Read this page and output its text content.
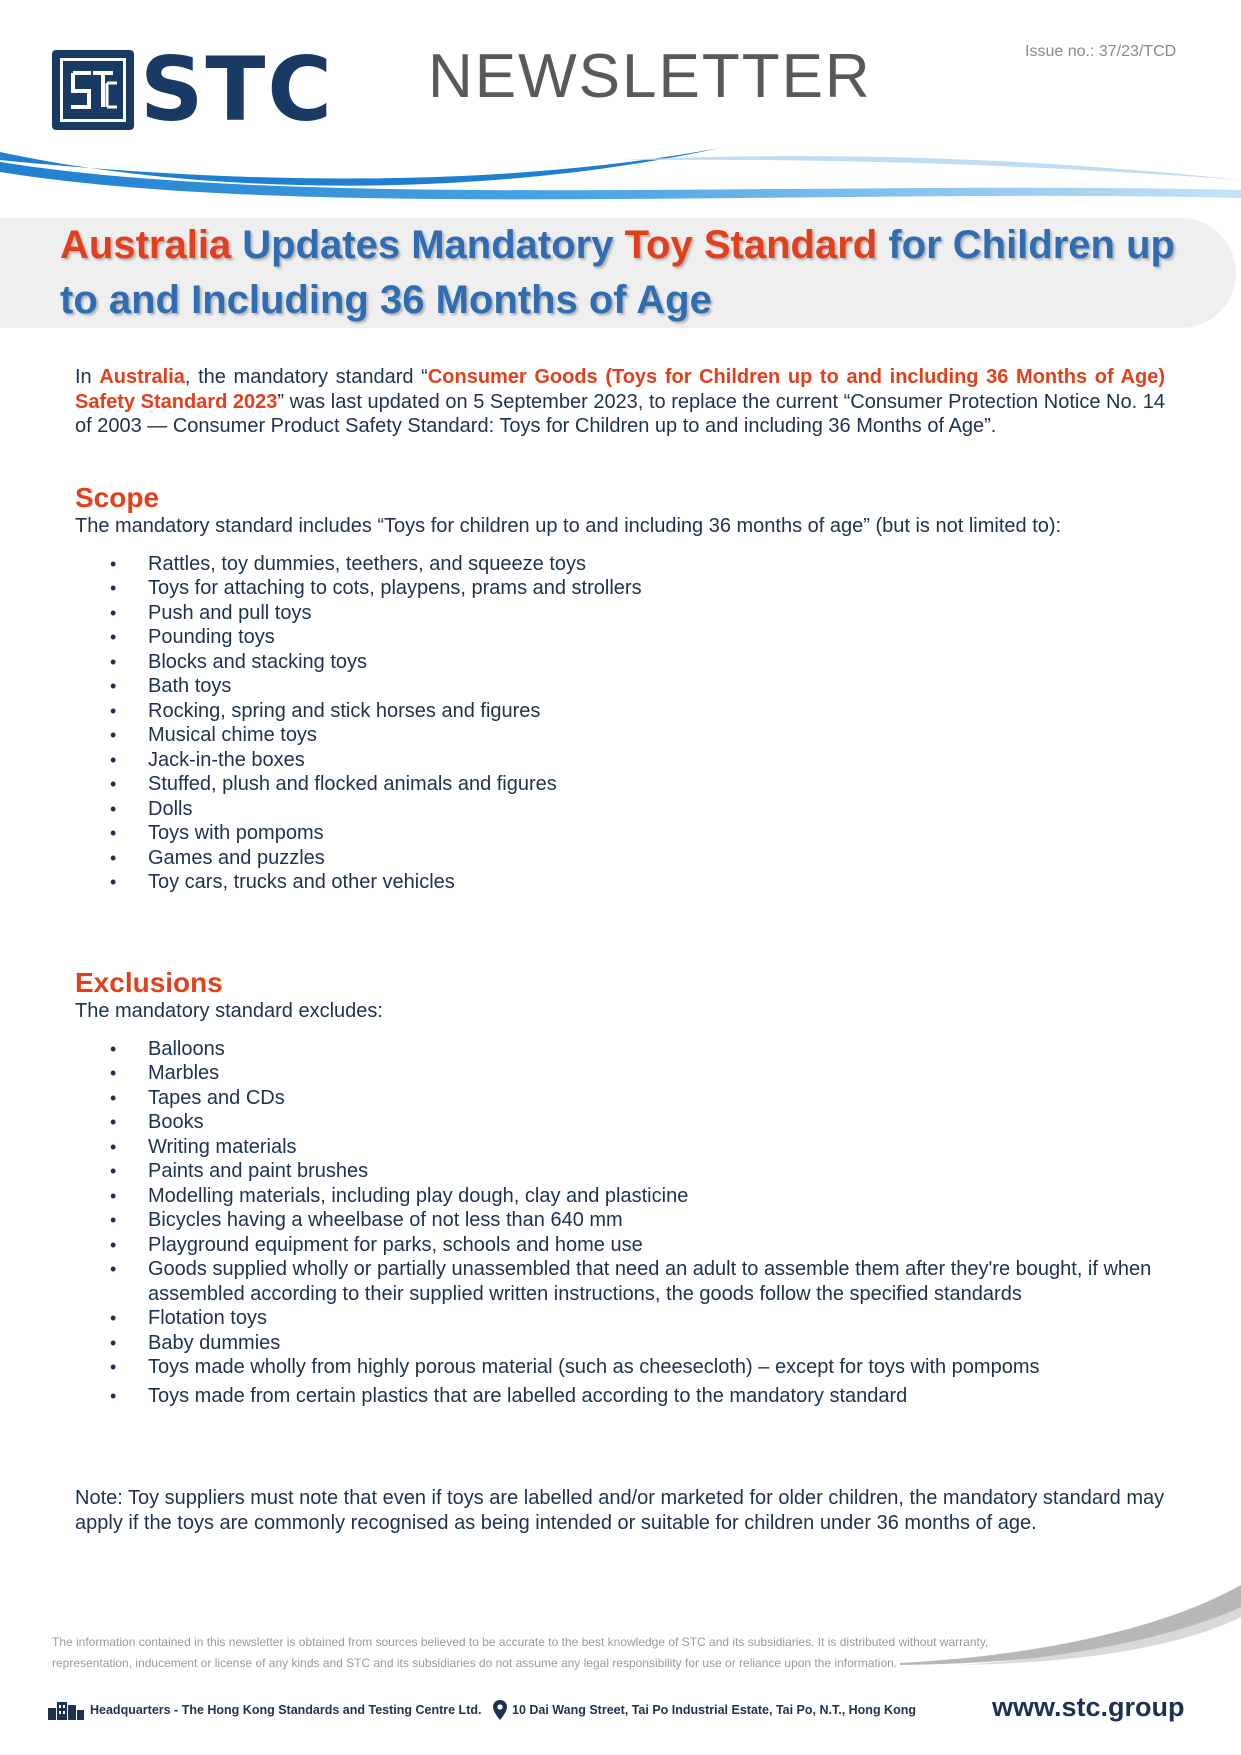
STC NEWSLETTER	Issue no.: 37/23/TCD
Australia Updates Mandatory Toy Standard for Children up to and Including 36 Months of Age
In Australia, the mandatory standard “Consumer Goods (Toys for Children up to and including 36 Months of Age) Safety Standard 2023” was last updated on 5 September 2023, to replace the current “Consumer Protection Notice No. 14 of 2003 — Consumer Product Safety Standard: Toys for Children up to and including 36 Months of Age”.
Scope
The mandatory standard includes “Toys for children up to and including 36 months of age” (but is not limited to):
• Rattles, toy dummies, teethers, and squeeze toys
• Toys for attaching to cots, playpens, prams and strollers
• Push and pull toys
• Pounding toys
• Blocks and stacking toys
• Bath toys
• Rocking, spring and stick horses and figures
• Musical chime toys
• Jack-in-the boxes
• Stuffed, plush and flocked animals and figures
• Dolls
• Toys with pompoms
• Games and puzzles
• Toy cars, trucks and other vehicles
Exclusions
The mandatory standard excludes:
• Balloons
• Marbles
• Tapes and CDs
• Books
• Writing materials
• Paints and paint brushes
• Modelling materials, including play dough, clay and plasticine
• Bicycles having a wheelbase of not less than 640 mm
• Playground equipment for parks, schools and home use
• Goods supplied wholly or partially unassembled that need an adult to assemble them after they're bought, if when assembled according to their supplied written instructions, the goods follow the specified standards
• Flotation toys
• Baby dummies
• Toys made wholly from highly porous material (such as cheesecloth) – except for toys with pompoms
• Toys made from certain plastics that are labelled according to the mandatory standard
Note: Toy suppliers must note that even if toys are labelled and/or marketed for older children, the mandatory standard may apply if the toys are commonly recognised as being intended or suitable for children under 36 months of age.
The information contained in this newsletter is obtained from sources believed to be accurate to the best knowledge of STC and its subsidiaries. It is distributed without warranty, representation, inducement or license of any kinds and STC and its subsidiaries do not assume any legal responsibility for use or reliance upon the information.
Headquarters - The Hong Kong Standards and Testing Centre Ltd. 10 Dai Wang Street, Tai Po Industrial Estate, Tai Po, N.T., Hong Kong	www.stc.group
